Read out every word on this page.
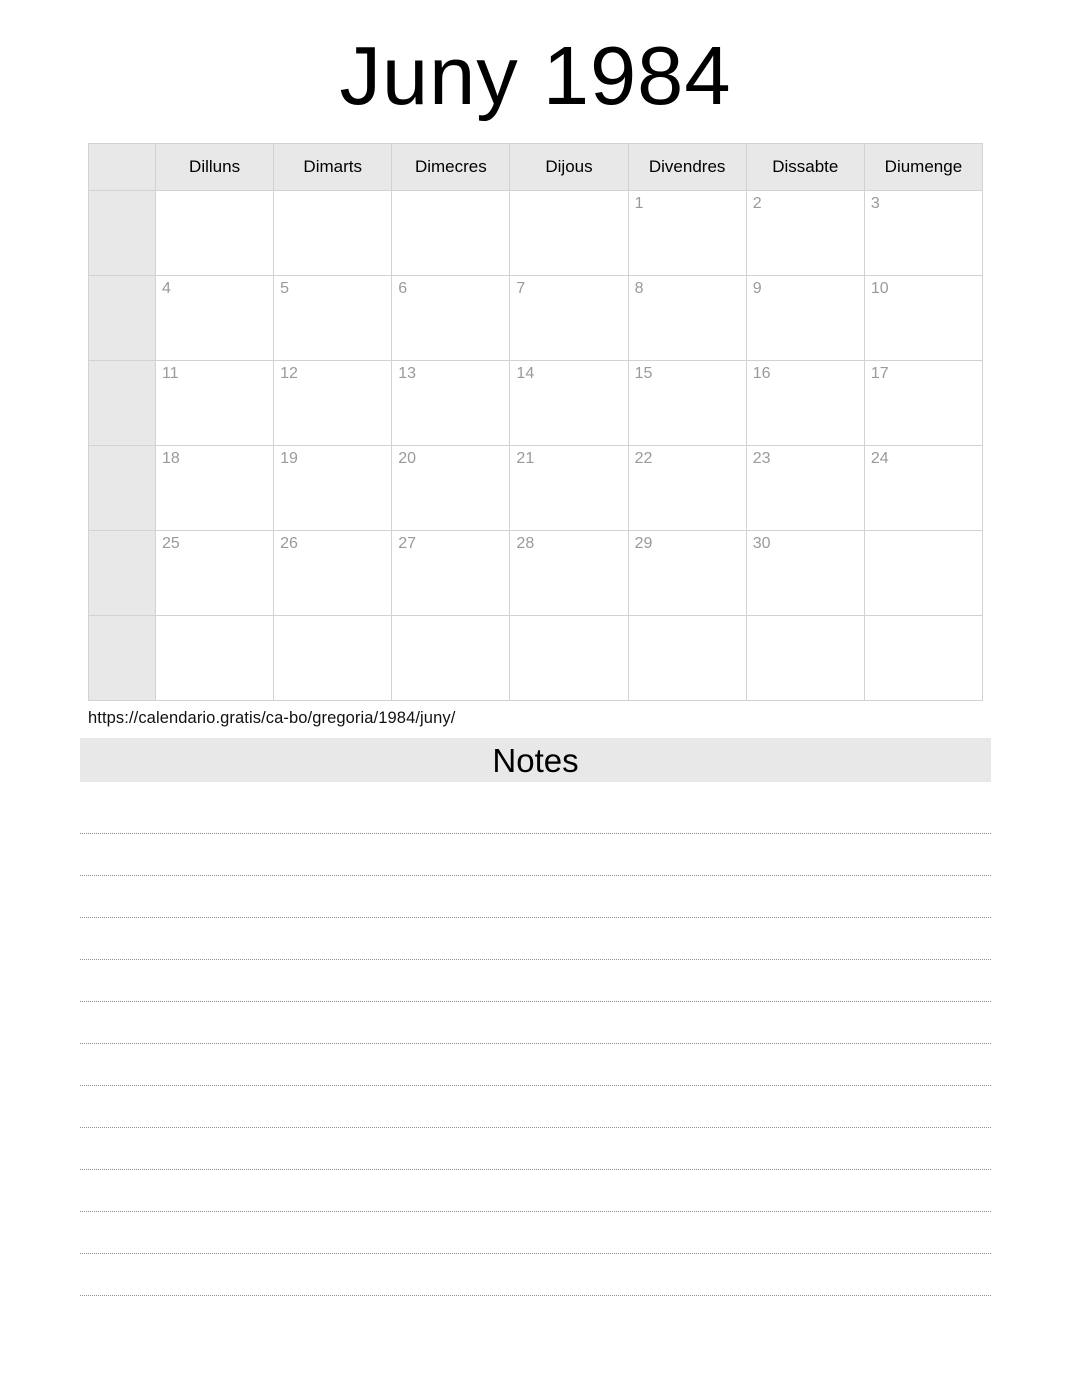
Juny 1984
	Dilluns	Dimarts	Dimecres	Dijous	Divendres	Dissabte	Diumenge

					1	2	3

	4	5	6	7	8	9	10

	11	12	13	14	15	16	17

	18	19	20	21	22	23	24

	25	26	27	28	29	30	

https://calendario.gratis/ca-bo/gregoria/1984/juny/
Notes
